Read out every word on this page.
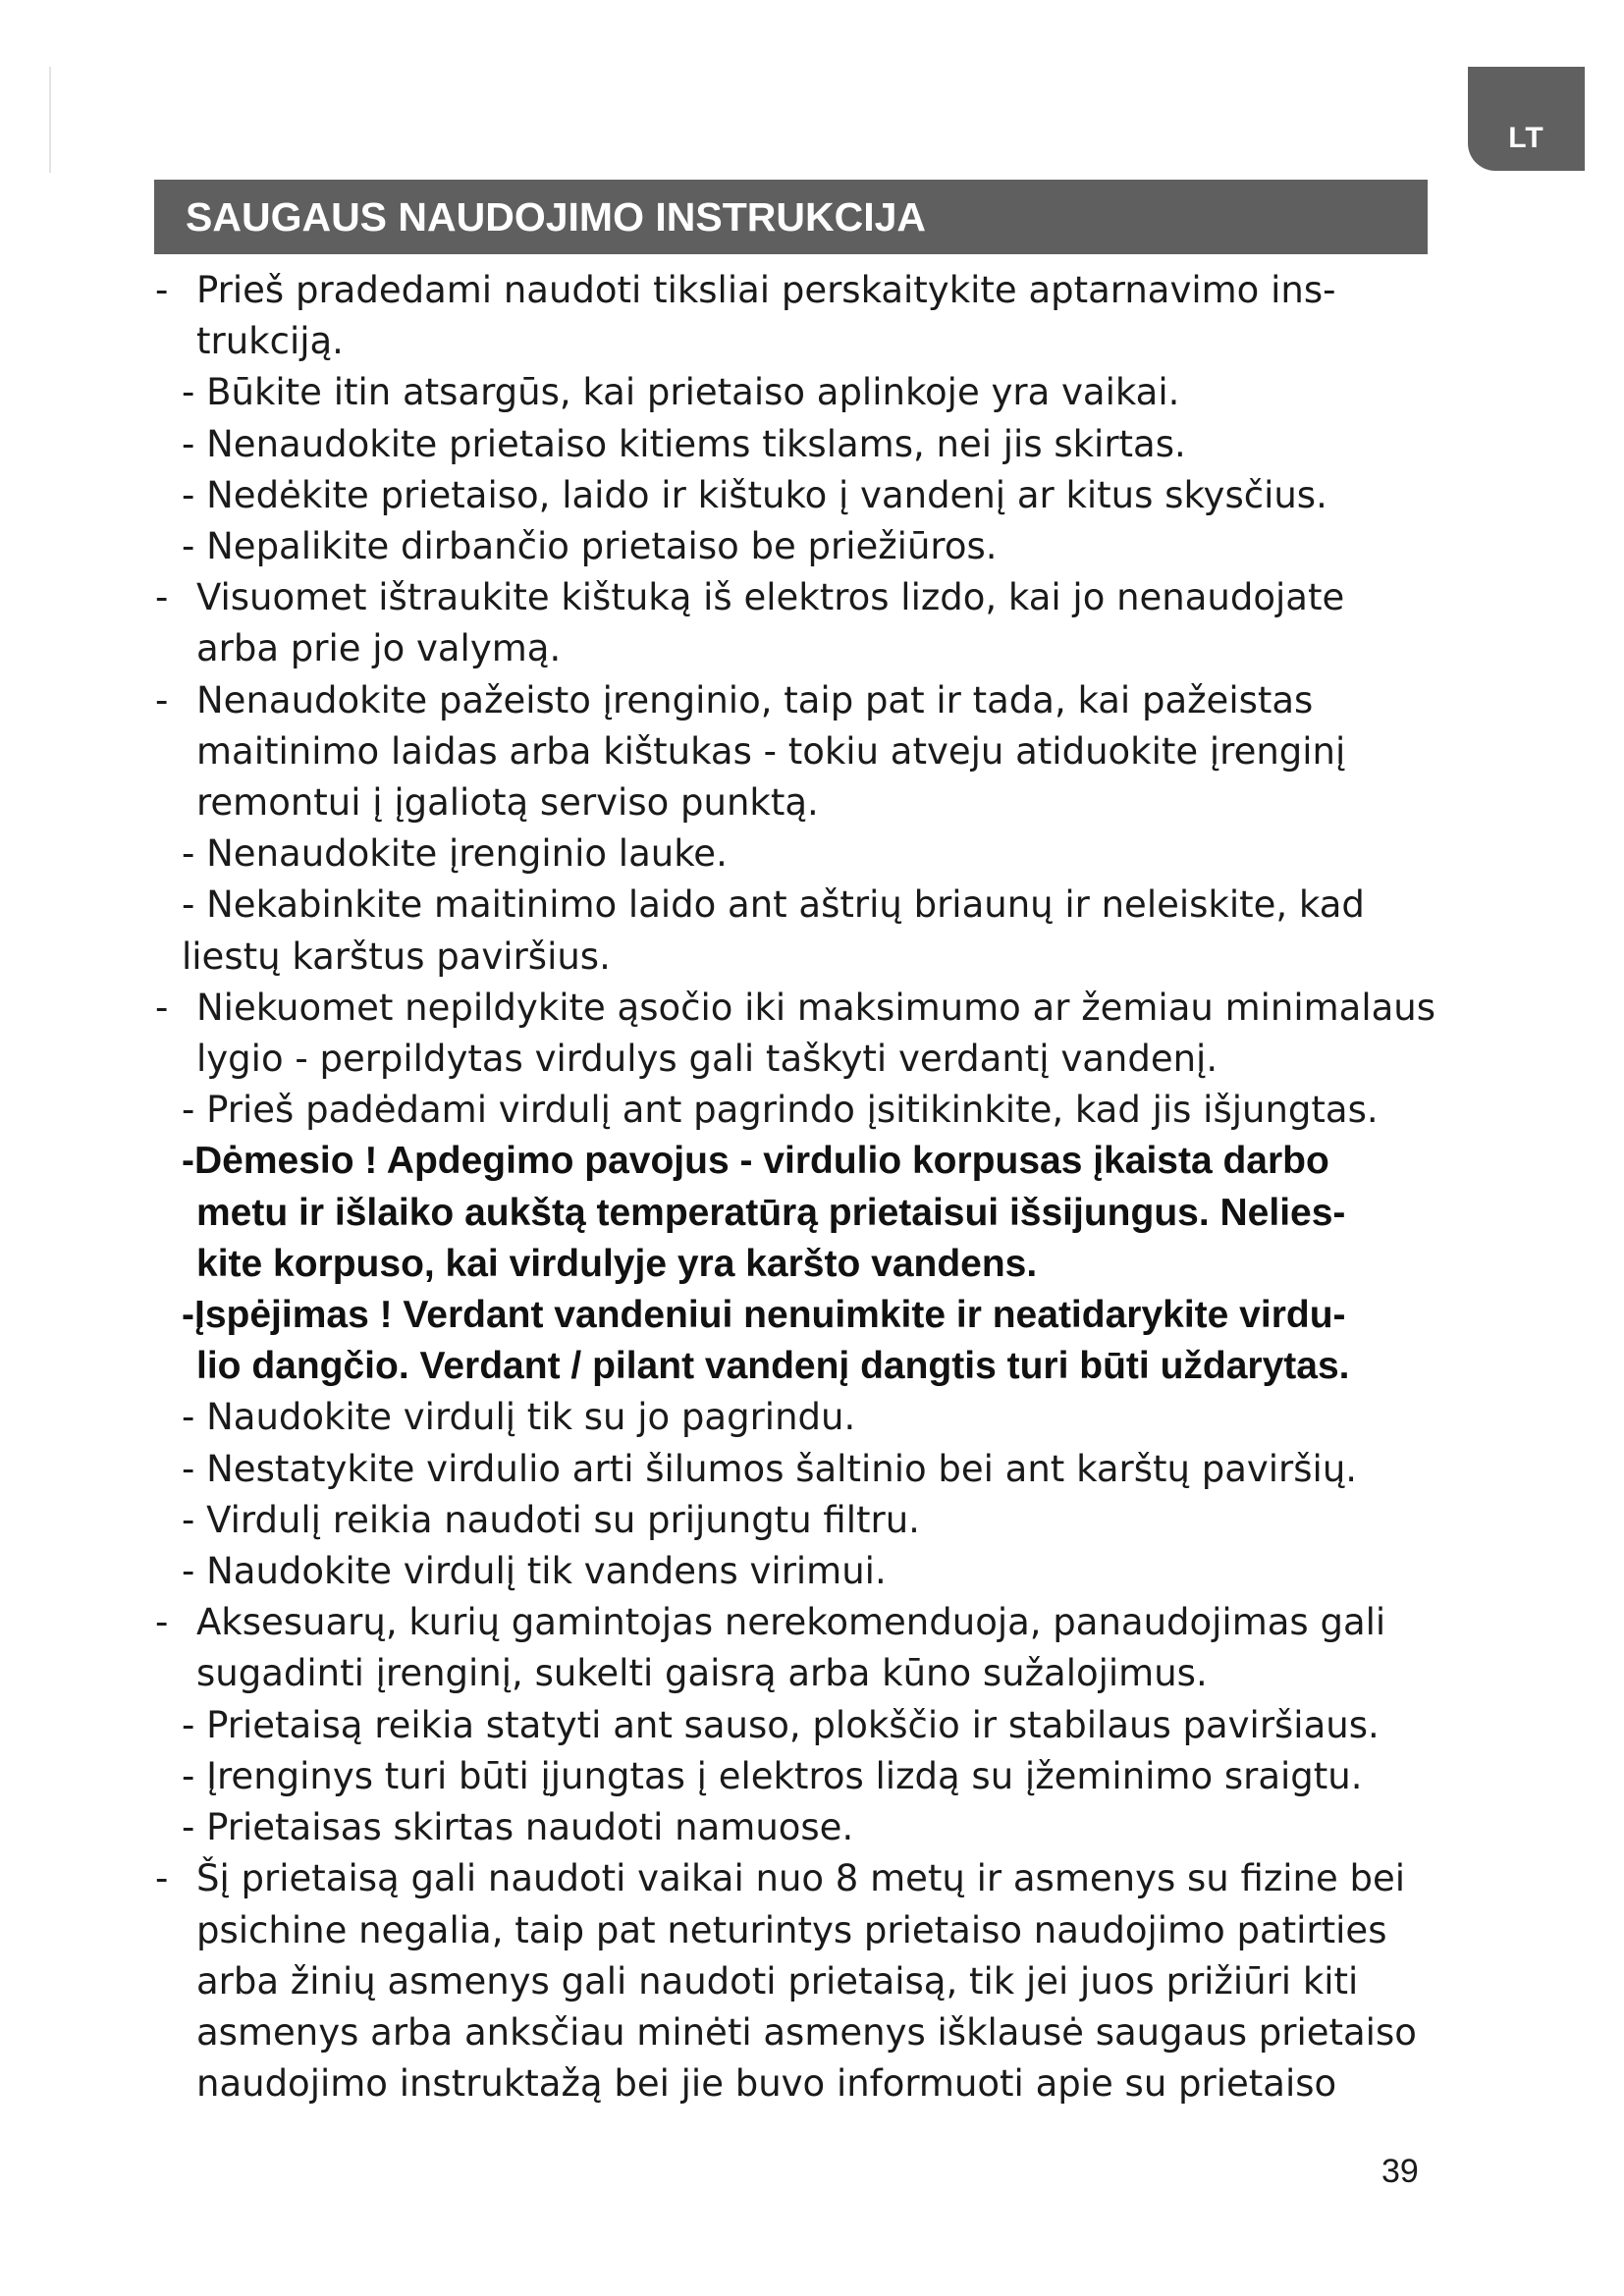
LT
SAUGAUS NAUDOJIMO INSTRUKCIJA
- Prieš pradedami naudoti tiksliai perskaitykite aptarnavimo ins-
trukciją.
- Būkite itin atsargūs, kai prietaiso aplinkoje yra vaikai.
- Nenaudokite prietaiso kitiems tikslams, nei jis skirtas.
- Nedėkite prietaiso, laido ir kištuko į vandenį ar kitus skysčius.
- Nepalikite dirbančio prietaiso be priežiūros.
- Visuomet ištraukite kištuką iš elektros lizdo, kai jo nenaudojate
arba prie jo valymą.
- Nenaudokite pažeisto įrenginio, taip pat ir tada, kai pažeistas
maitinimo laidas arba kištukas - tokiu atveju atiduokite įrenginį
remontui į įgaliotą serviso punktą.
- Nenaudokite įrenginio lauke.
- Nekabinkite maitinimo laido ant aštrių briaunų ir neleiskite, kad
liestų karštus paviršius.
- Niekuomet nepildykite ąsočio iki maksimumo ar žemiau minimalaus
lygio - perpildytas virdulys gali taškyti verdantį vandenį.
- Prieš padėdami virdulį ant pagrindo įsitikinkite, kad jis išjungtas.
-Dėmesio ! Apdegimo pavojus - virdulio korpusas įkaista darbo
metu ir išlaiko aukštą temperatūrą prietaisui išsijungus. Nelies-
kite korpuso, kai virdulyje yra karšto vandens.
-Įspėjimas ! Verdant vandeniui nenuimkite ir neatidarykite virdu-
lio dangčio. Verdant / pilant vandenį dangtis turi būti uždarytas.
- Naudokite virdulį tik su jo pagrindu.
- Nestatykite virdulio arti šilumos šaltinio bei ant karštų paviršių.
- Virdulį reikia naudoti su prijungtu filtru.
- Naudokite virdulį tik vandens virimui.
- Aksesuarų, kurių gamintojas nerekomenduoja, panaudojimas gali
sugadinti įrenginį, sukelti gaisrą arba kūno sužalojimus.
- Prietaisą reikia statyti ant sauso, plokščio ir stabilaus paviršiaus.
- Įrenginys turi būti įjungtas į elektros lizdą su įžeminimo sraigtu.
- Prietaisas skirtas naudoti namuose.
- Šį prietaisą gali naudoti vaikai nuo 8 metų ir asmenys su fizine bei
psichine negalia, taip pat neturintys prietaiso naudojimo patirties
arba žinių asmenys gali naudoti prietaisą, tik jei juos prižiūri kiti
asmenys arba anksčiau minėti asmenys išklausė saugaus prietaiso
naudojimo instruktažą bei jie buvo informuoti apie su prietaiso
39
